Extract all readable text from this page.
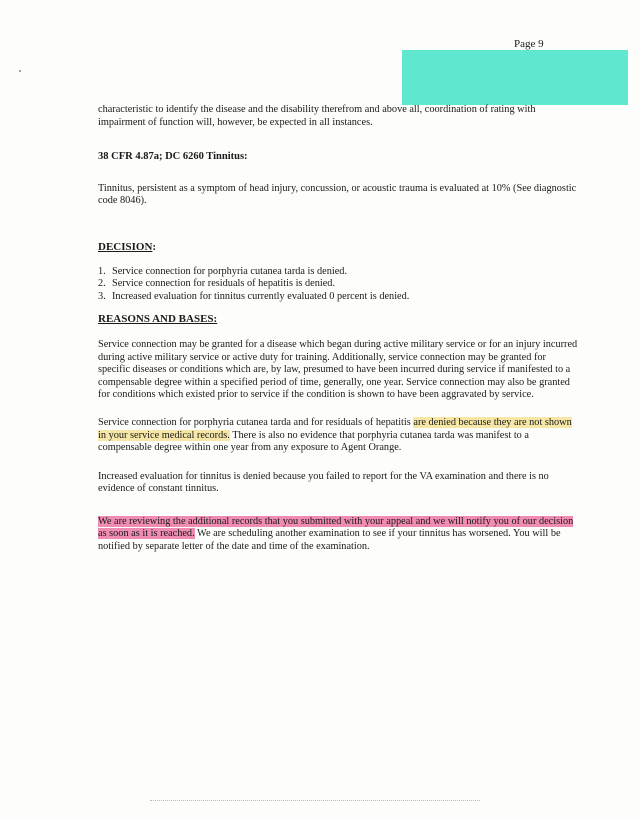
Page 9

characteristic to identify the disease and the disability therefrom and above all, coordination of rating with impairment of function will, however, be expected in all instances.

38 CFR 4.87a; DC 6260 Tinnitus:

Tinnitus, persistent as a symptom of head injury, concussion, or acoustic trauma is evaluated at 10% (See diagnostic code 8046).

DECISION:

1. Service connection for porphyria cutanea tarda is denied.
2. Service connection for residuals of hepatitis is denied.
3. Increased evaluation for tinnitus currently evaluated 0 percent is denied.

REASONS AND BASES:

Service connection may be granted for a disease which began during active military service or for an injury incurred during active military service or active duty for training. Additionally, service connection may be granted for specific diseases or conditions which are, by law, presumed to have been incurred during service if manifested to a compensable degree within a specified period of time, generally, one year. Service connection may also be granted for conditions which existed prior to service if the condition is shown to have been aggravated by service.

Service connection for porphyria cutanea tarda and for residuals of hepatitis are denied because they are not shown in your service medical records. There is also no evidence that porphyria cutanea tarda was manifest to a compensable degree within one year from any exposure to Agent Orange.

Increased evaluation for tinnitus is denied because you failed to report for the VA examination and there is no evidence of constant tinnitus.

We are reviewing the additional records that you submitted with your appeal and we will notify you of our decision as soon as it is reached. We are scheduling another examination to see if your tinnitus has worsened. You will be notified by separate letter of the date and time of the examination.
